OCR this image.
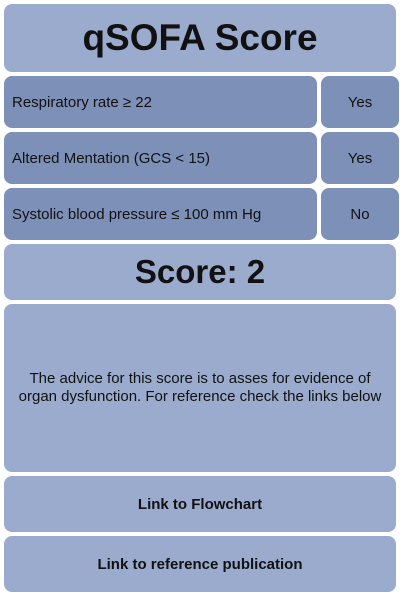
qSOFA Score
Respiratory rate ≥ 22	Yes
Altered Mentation (GCS < 15)	Yes
Systolic blood pressure ≤ 100 mm Hg	No
Score: 2
The advice for this score is to asses for evidence of organ dysfunction. For reference check the links below
Link to Flowchart
Link to reference publication
